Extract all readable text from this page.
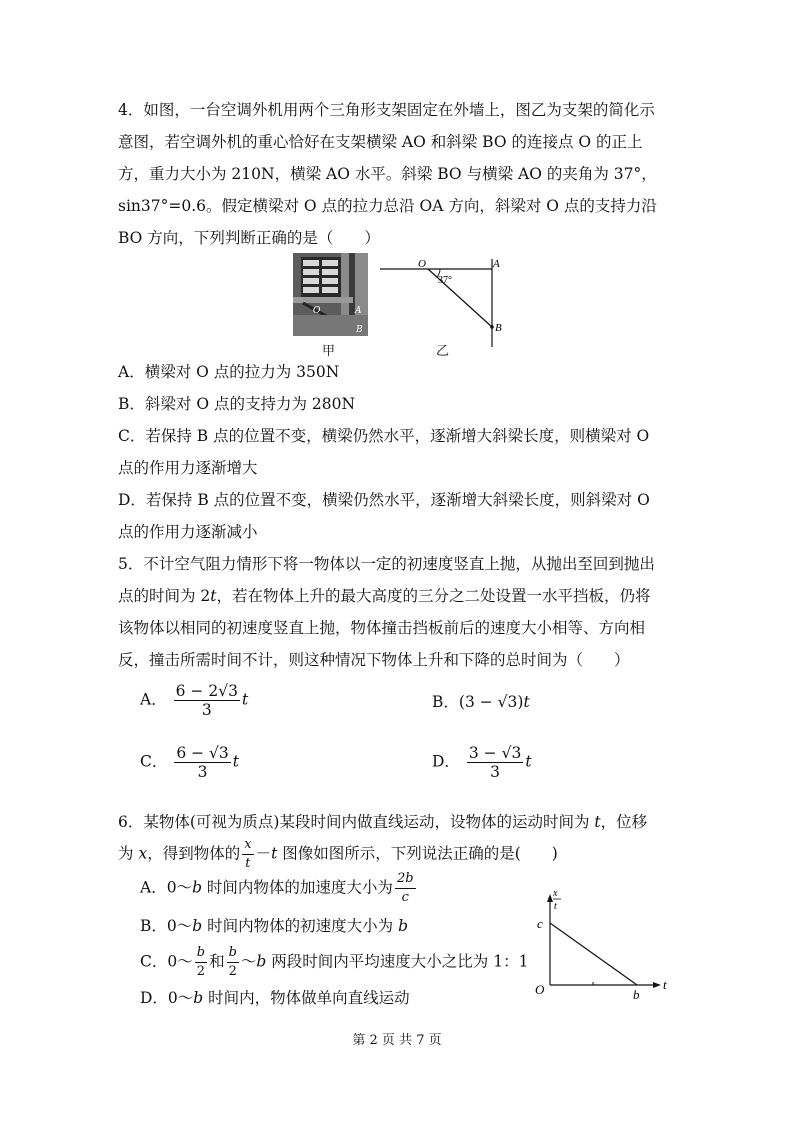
4．如图，一台空调外机用两个三角形支架固定在外墙上，图乙为支架的简化示
意图，若空调外机的重心恰好在支架横梁 AO 和斜梁 BO 的连接点 O 的正上
方，重力大小为 210N，横梁 AO 水平。斜梁 BO 与横梁 AO 的夹角为 37°，
sin37°=0.6。假定横梁对 O 点的拉力总沿 OA 方向，斜梁对 O 点的支持力沿
BO 方向，下列判断正确的是（　　）
O	A
B
甲
O	A
B
37°
乙
A．横梁对 O 点的拉力为 350N
B．斜梁对 O 点的支持力为 280N
C．若保持 B 点的位置不变，横梁仍然水平，逐渐增大斜梁长度，则横梁对 O
点的作用力逐渐增大
D．若保持 B 点的位置不变，横梁仍然水平，逐渐增大斜梁长度，则斜梁对 O
点的作用力逐渐减小
5．不计空气阻力情形下将一物体以一定的初速度竖直上抛，从抛出至回到抛出
点的时间为 2t，若在物体上升的最大高度的三分之二处设置一水平挡板，仍将
该物体以相同的初速度竖直上抛，物体撞击挡板前后的速度大小相等、方向相
反，撞击所需时间不计，则这种情况下物体上升和下降的总时间为（　　）
A． $\frac{6 - 2√3}{3}$ t	B．(3 − √3)t
C． $\frac{6 - √3}{3}$ t	D． $\frac{3 - √3}{3}$ t
6．某物体(可视为质点)某段时间内做直线运动，设物体的运动时间为 t，位移
为 x，得到物体的 $\frac{x}{t} -t$ 图像如图所示，下列说法正确的是(　　)
A．0～b 时间内物体的加速度大小为 $\frac{2b}{c}$
B．0～b 时间内物体的初速度大小为 b
C．0～ $\frac{b}{2}$ 和 $\frac{b}{2}$ ～b 两段时间内平均速度大小之比为 1：1
D．0～b 时间内，物体做单向直线运动
x
t
c
O	b
t
第 2 页 共 7 页
